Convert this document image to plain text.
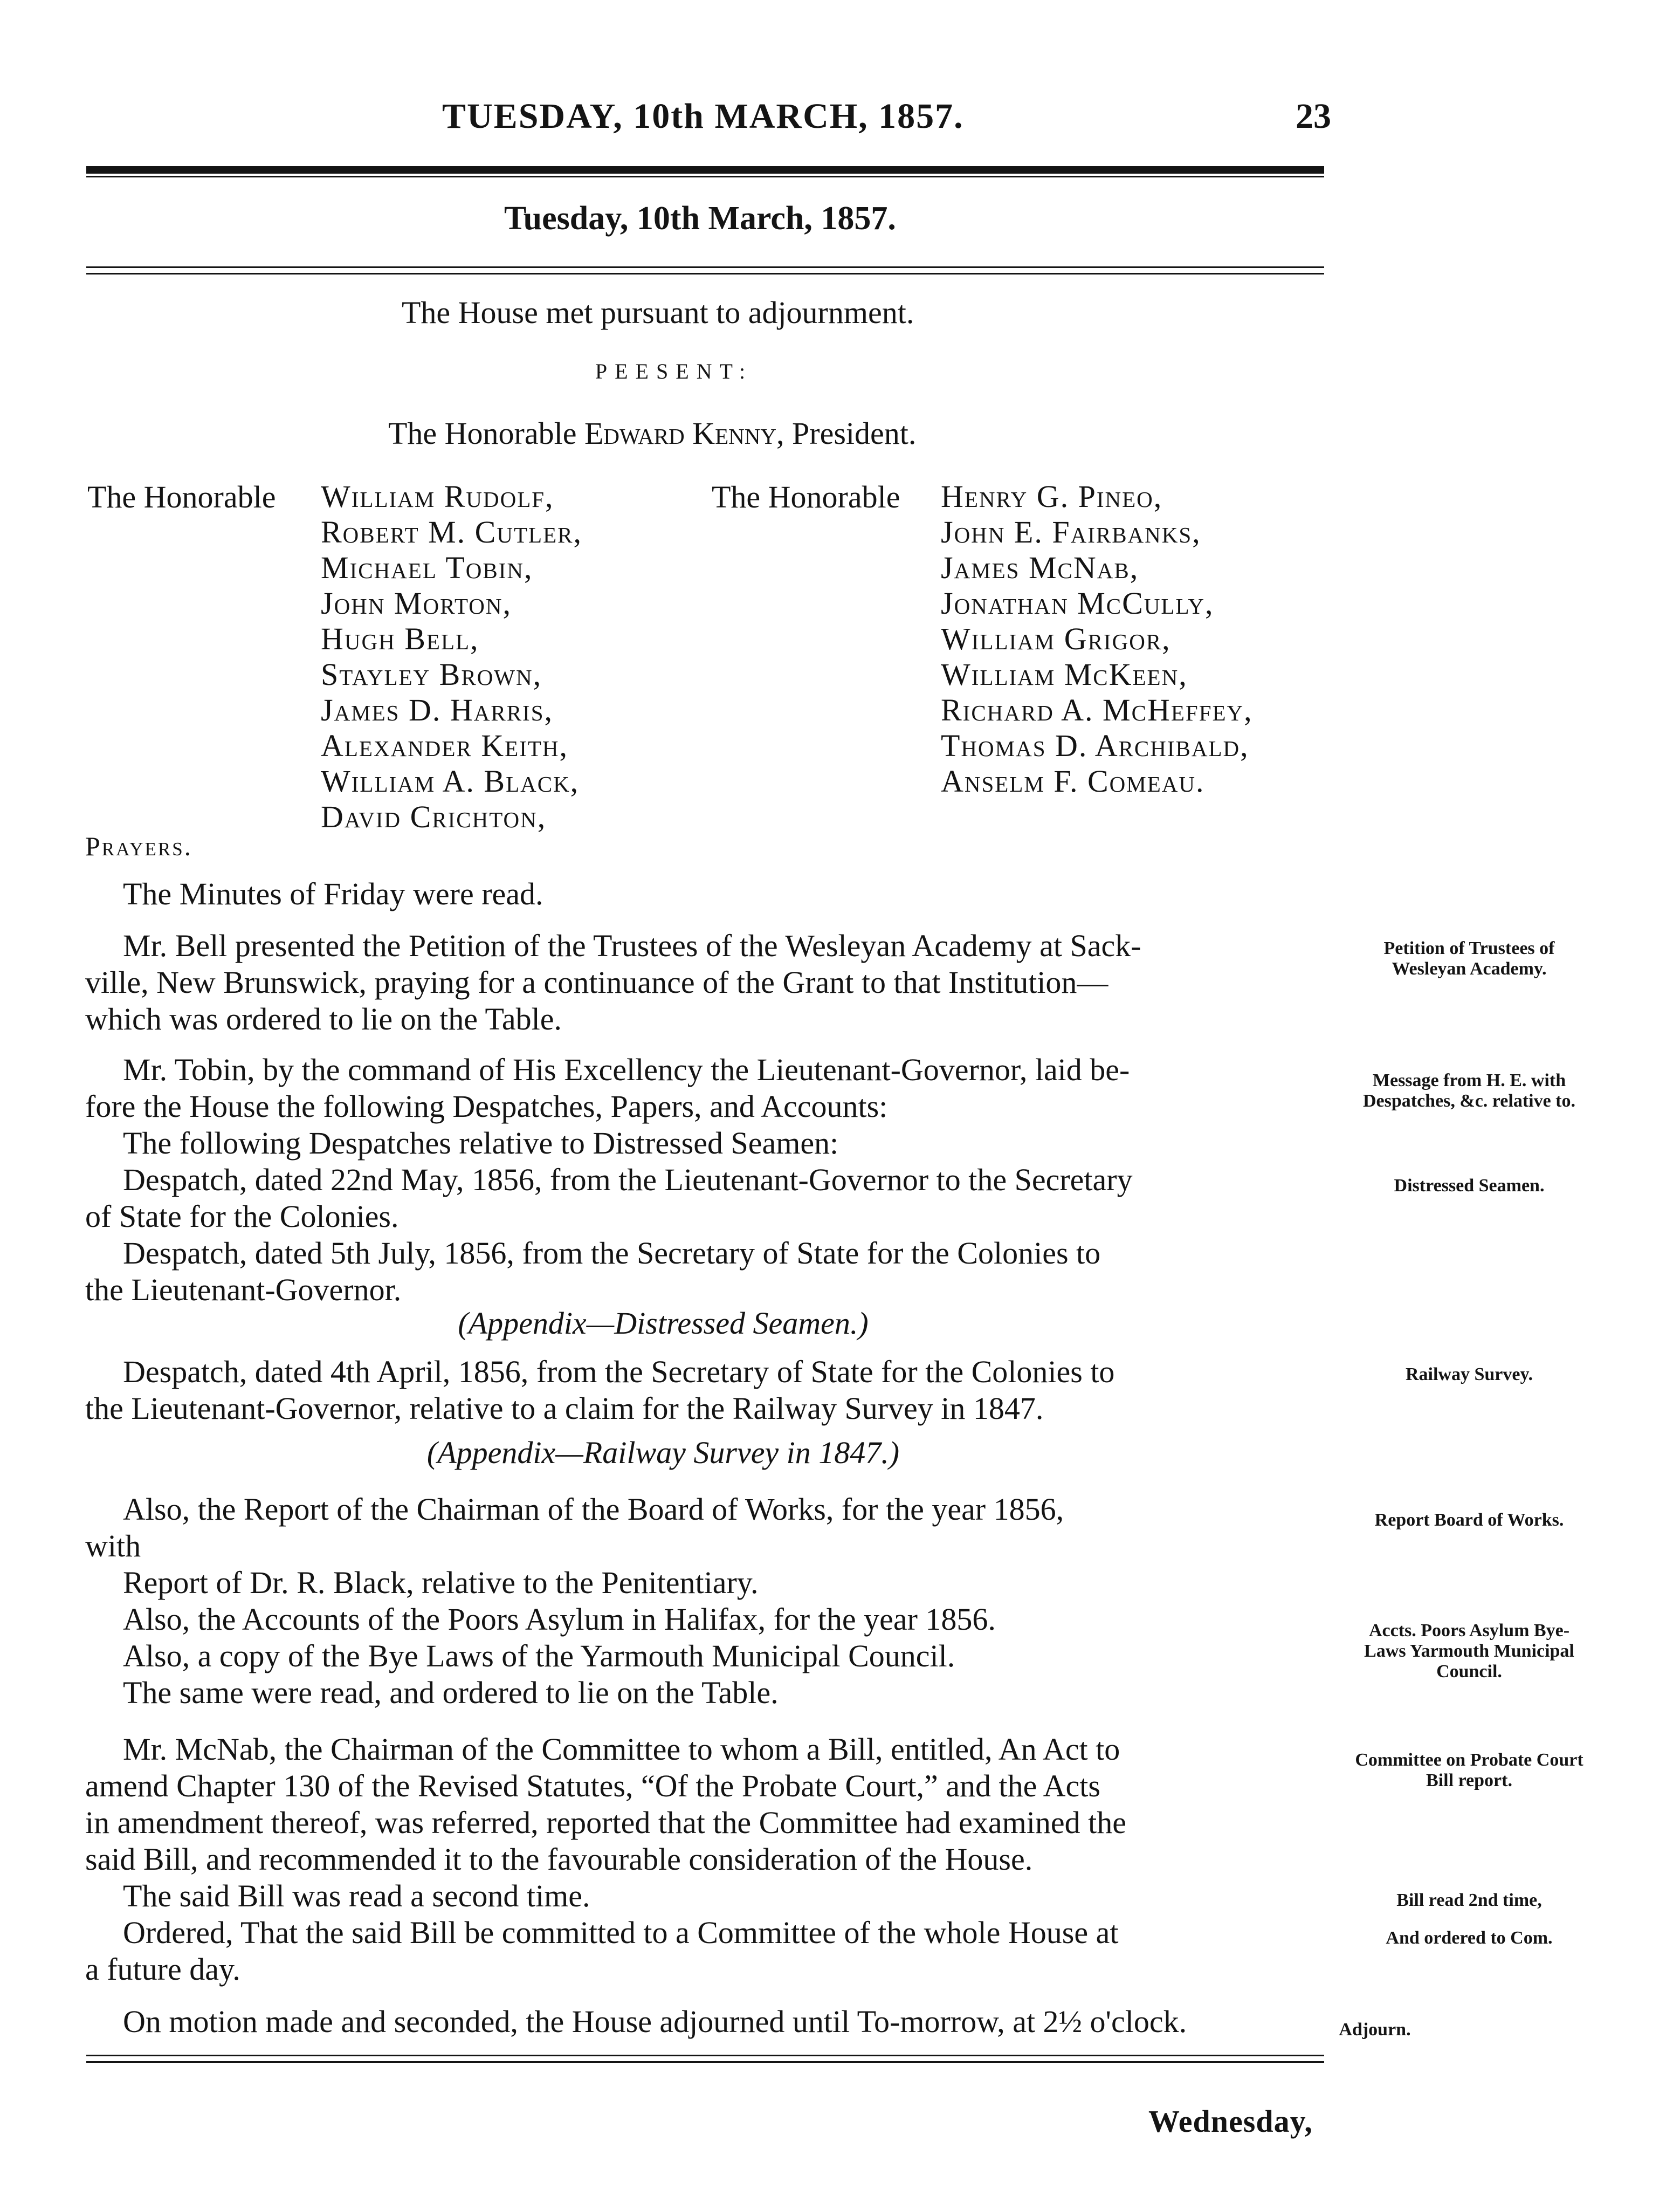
TUESDAY, 10th MARCH, 1857.	23
Tuesday, 10th March, 1857.
The House met pursuant to adjournment.
PEESENT:
The Honorable Edward Kenny, President.
The Honorable William Rudolf,
Robert M. Cutler,
Michael Tobin,
John Morton,
Hugh Bell,
Stayley Brown,
James D. Harris,
Alexander Keith,
William A. Black,
David Crichton,
The Honorable Henry G. Pineo,
John E. Fairbanks,
James McNab,
Jonathan McCully,
William Grigor,
William McKeen,
Richard A. McHeffey,
Thomas D. Archibald,
Anselm F. Comeau.
Prayers.
The Minutes of Friday were read.
Mr. Bell presented the Petition of the Trustees of the Wesleyan Academy at Sack-
ville, New Brunswick, praying for a continuance of the Grant to that Institution—
which was ordered to lie on the Table.
Petition of Trustees of Wesleyan Academy.
Mr. Tobin, by the command of His Excellency the Lieutenant-Governor, laid be-
fore the House the following Despatches, Papers, and Accounts:
The following Despatches relative to Distressed Seamen:
Despatch, dated 22nd May, 1856, from the Lieutenant-Governor to the Secretary
of State for the Colonies.
Despatch, dated 5th July, 1856, from the Secretary of State for the Colonies to
the Lieutenant-Governor.
Message from H. E. with Despatches, &c. relative to.
Distressed Seamen.
(Appendix—Distressed Seamen.)
Despatch, dated 4th April, 1856, from the Secretary of State for the Colonies to
the Lieutenant-Governor, relative to a claim for the Railway Survey in 1847.
Railway Survey.
(Appendix—Railway Survey in 1847.)
Also, the Report of the Chairman of the Board of Works, for the year 1856,
with
Report of Dr. R. Black, relative to the Penitentiary.
Also, the Accounts of the Poors Asylum in Halifax, for the year 1856.
Also, a copy of the Bye Laws of the Yarmouth Municipal Council.
The same were read, and ordered to lie on the Table.
Report Board of Works.
Accts. Poors Asylum Bye-Laws Yarmouth Municipal Council.
Mr. McNab, the Chairman of the Committee to whom a Bill, entitled, An Act to
amend Chapter 130 of the Revised Statutes, “Of the Probate Court,” and the Acts
in amendment thereof, was referred, reported that the Committee had examined the
said Bill, and recommended it to the favourable consideration of the House.
The said Bill was read a second time.
Ordered, That the said Bill be committed to a Committee of the whole House at
a future day.
Committee on Probate Court Bill report.
Bill read 2nd time,
And ordered to Com.
On motion made and seconded, the House adjourned until To-morrow, at 2½ o'clock.	Adjourn.
Wednesday,
